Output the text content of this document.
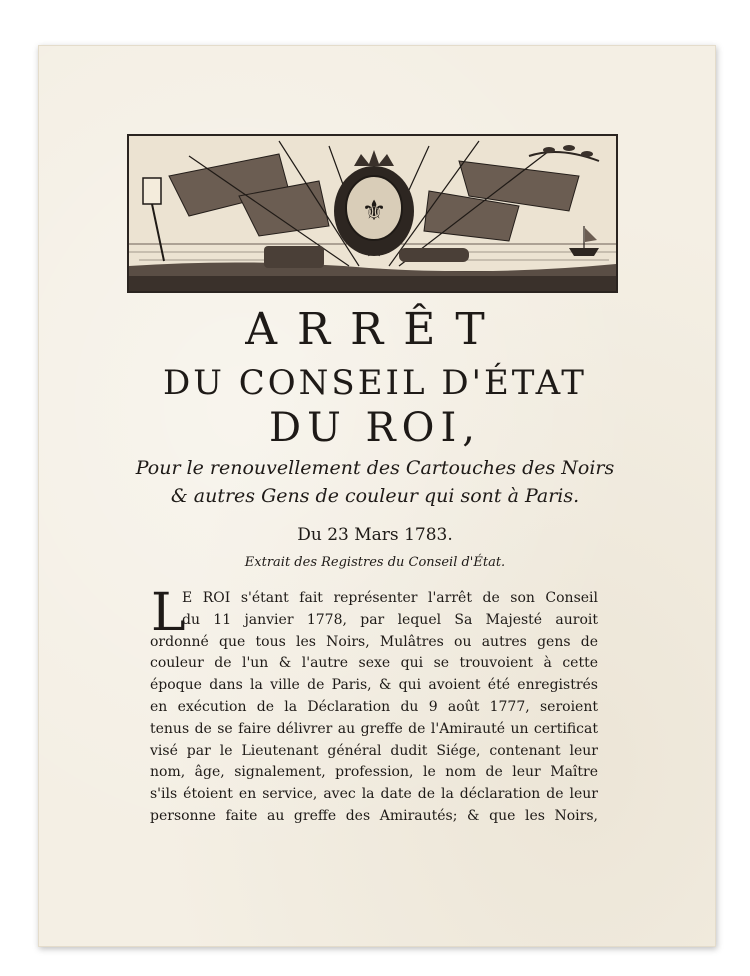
⚜
ARRÊT
DU CONSEIL D'ÉTAT
DU ROI,
Pour le renouvellement des Cartouches des Noirs
& autres Gens de couleur qui sont à Paris.
Du 23 Mars 1783.
Extrait des Registres du Conseil d'État.
L
E ROI s'étant fait représenter l'arrêt de son Conseil
du 11 janvier 1778, par lequel Sa Majesté auroit
ordonné que tous les Noirs, Mulâtres ou autres gens de
couleur de l'un & l'autre sexe qui se trouvoient à cette
époque dans la ville de Paris, & qui avoient été enregistrés
en exécution de la Déclaration du 9 août 1777, seroient
tenus de se faire délivrer au greffe de l'Amirauté un certificat
visé par le Lieutenant général dudit Siége, contenant leur
nom, âge, signalement, profession, le nom de leur Maître
s'ils étoient en service, avec la date de la déclaration de leur
personne faite au greffe des Amirautés; & que les Noirs,
